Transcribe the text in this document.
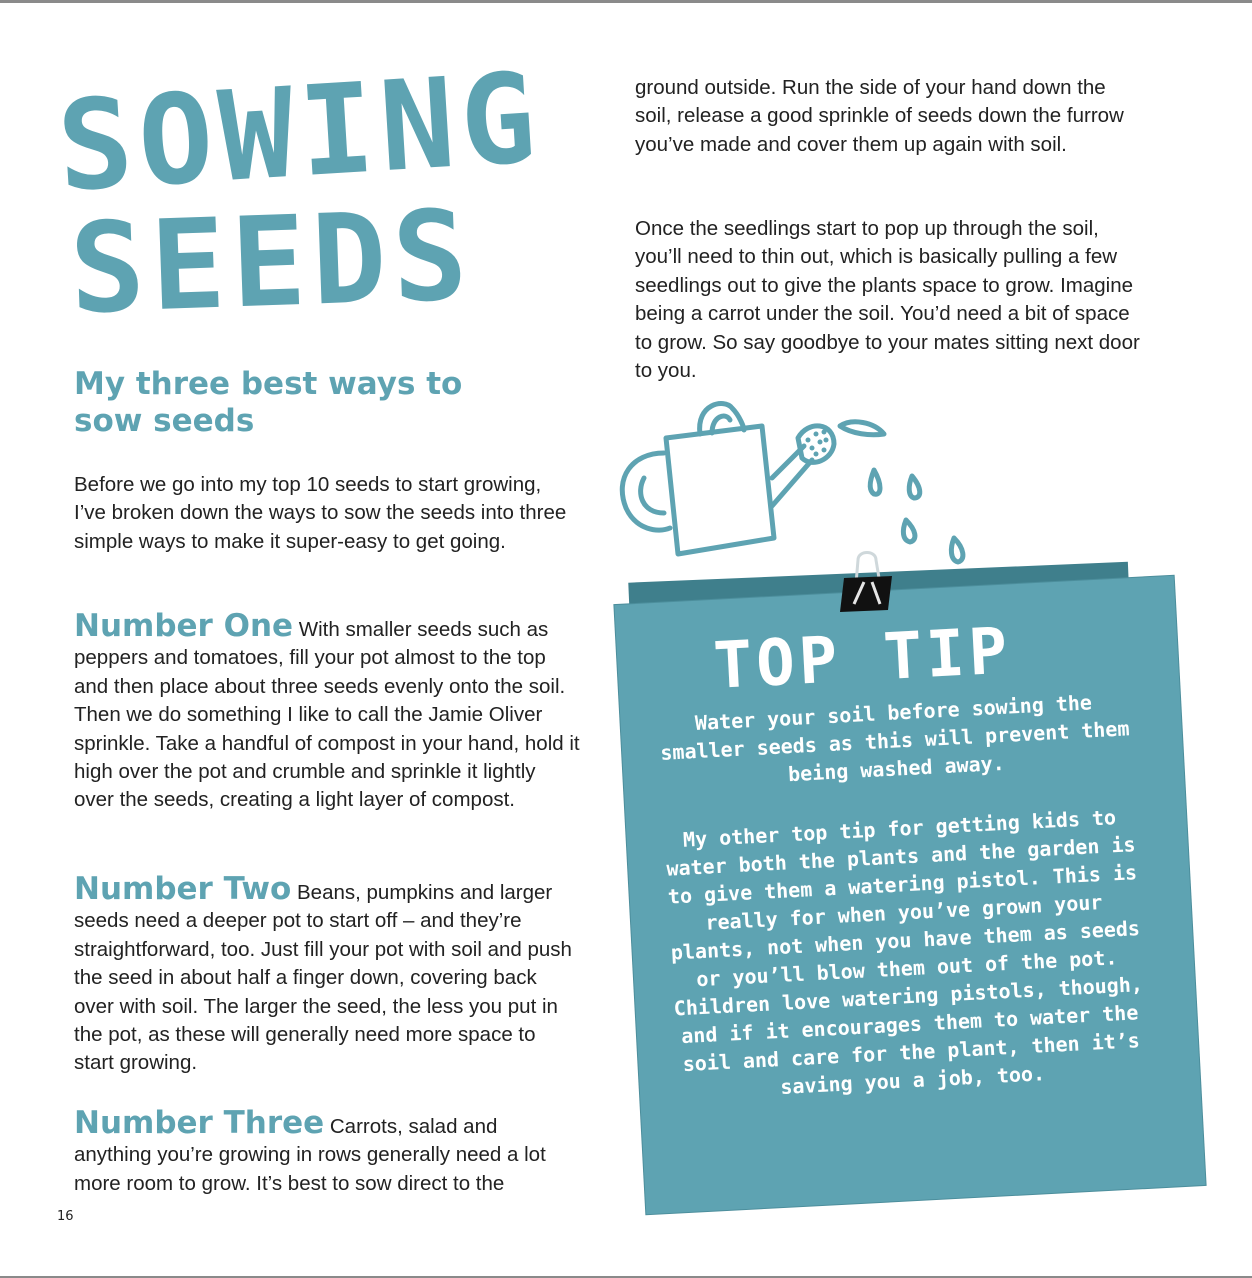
SOWING
SEEDS
My three best ways to sow seeds

Before we go into my top 10 seeds to start growing, I’ve broken down the ways to sow the seeds into three simple ways to make it super-easy to get going.

Number One With smaller seeds such as peppers and tomatoes, fill your pot almost to the top and then place about three seeds evenly onto the soil. Then we do something I like to call the Jamie Oliver sprinkle. Take a handful of compost in your hand, hold it high over the pot and crumble and sprinkle it lightly over the seeds, creating a light layer of compost.

Number Two Beans, pumpkins and larger seeds need a deeper pot to start off – and they’re straightforward, too. Just fill your pot with soil and push the seed in about half a finger down, covering back over with soil. The larger the seed, the less you put in the pot, as these will generally need more space to start growing.

Number Three Carrots, salad and anything you’re growing in rows generally need a lot more room to grow. It’s best to sow direct to the

ground outside. Run the side of your hand down the soil, release a good sprinkle of seeds down the furrow you’ve made and cover them up again with soil.

Once the seedlings start to pop up through the soil, you’ll need to thin out, which is basically pulling a few seedlings out to give the plants space to grow. Imagine being a carrot under the soil. You’d need a bit of space to grow. So say goodbye to your mates sitting next door to you.

TOP TIP

Water your soil before sowing the smaller seeds as this will prevent them being washed away.

My other top tip for getting kids to water both the plants and the garden is to give them a watering pistol. This is really for when you’ve grown your plants, not when you have them as seeds or you’ll blow them out of the pot. Children love watering pistols, though, and if it encourages them to water the soil and care for the plant, then it’s saving you a job, too.

16
